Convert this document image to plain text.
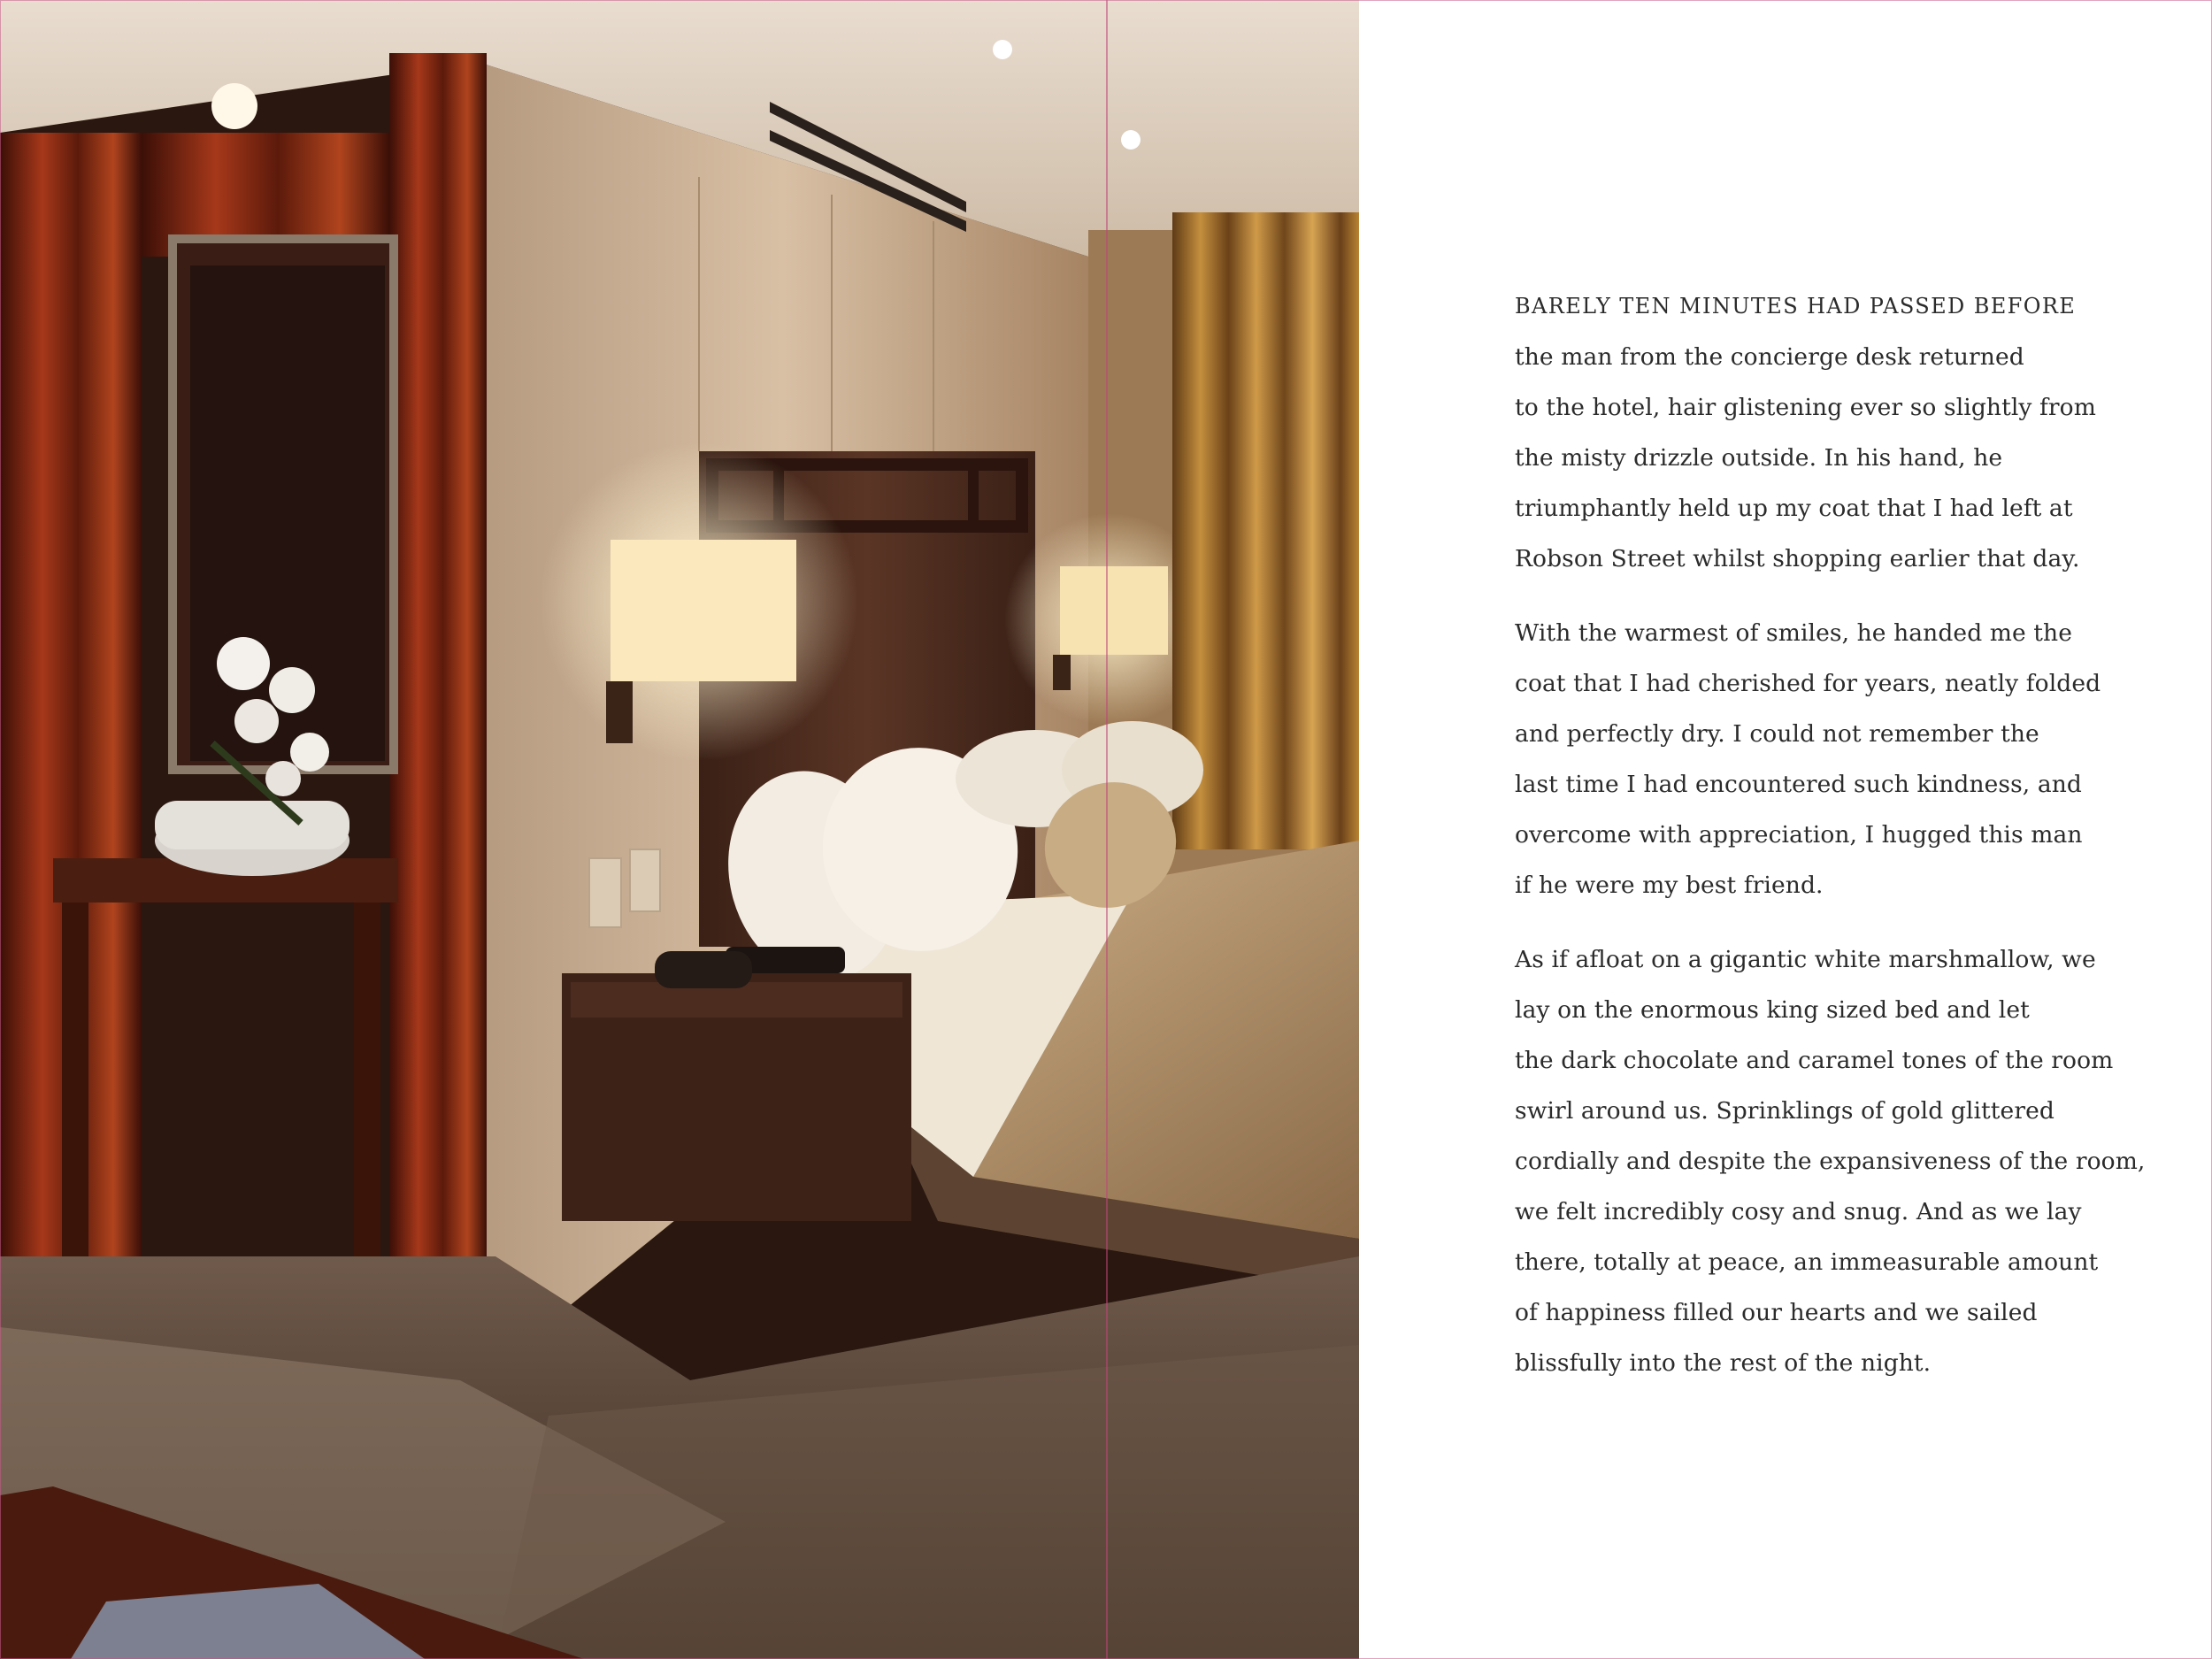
BARELY TEN MINUTES HAD PASSED BEFORE
the man from the concierge desk returned
to the hotel, hair glistening ever so slightly from
the misty drizzle outside. In his hand, he
triumphantly held up my coat that I had left at
Robson Street whilst shopping earlier that day.
With the warmest of smiles, he handed me the
coat that I had cherished for years, neatly folded
and perfectly dry. I could not remember the
last time I had encountered such kindness, and
overcome with appreciation, I hugged this man
if he were my best friend.
As if afloat on a gigantic white marshmallow, we
lay on the enormous king sized bed and let
the dark chocolate and caramel tones of the room
swirl around us. Sprinklings of gold glittered
cordially and despite the expansiveness of the room,
we felt incredibly cosy and snug. And as we lay
there, totally at peace, an immeasurable amount
of happiness filled our hearts and we sailed
blissfully into the rest of the night.
